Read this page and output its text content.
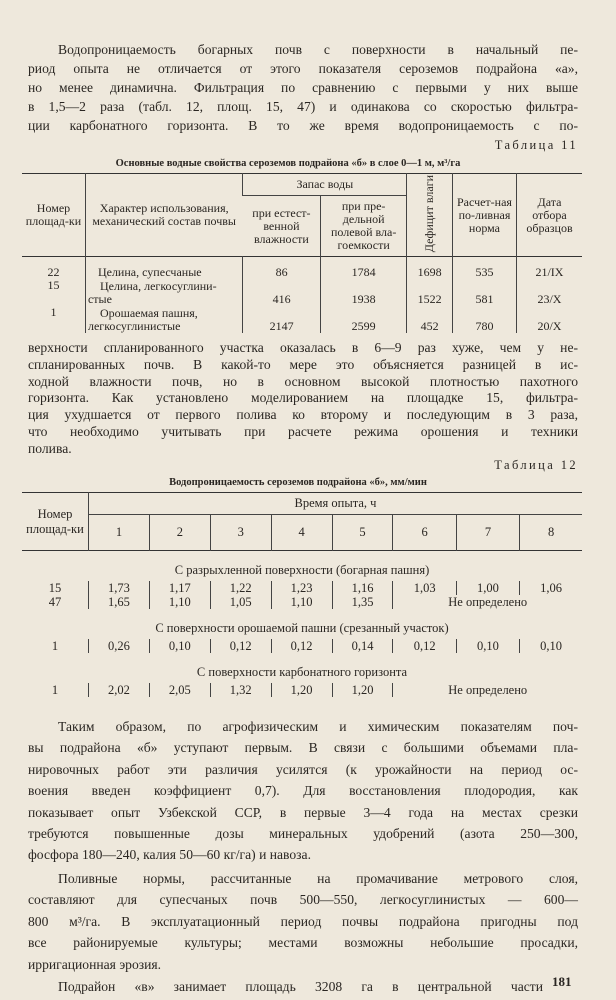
Водопроницаемость богарных почв с поверхности в начальный пе-
риод опыта не отличается от этого показателя сероземов подрайона «а»,
но менее динамична. Фильтрация по сравнению с первыми у них выше
в 1,5—2 раза (табл. 12, площ. 15, 47) и одинакова со скоростью фильтра-
ции карбонатного горизонта. В то же время водопроницаемость с по-
Таблица 11
Основные водные свойства сероземов подрайона «б» в слое 0—1 м, м³/га
Номер площад-ки	Характер использования, механический состав почвы	Запас воды		Дефицит влаги	Расчет-ная по-ливная норма	Дата отбора образцов
		при естест-венной влажности	при пре-дельной полевой вла-гоемкости			
22	Целина, супесчаные	86	1784	1698	535	21/IX
15	Целина, легкосуглини-стые	416	1938	1522	581	23/X
1	Орошаемая пашня, легкосуглинистые	2147	2599	452	780	20/X
верхности спланированного участка оказалась в 6—9 раз хуже, чем у не-
спланированных почв. В какой-то мере это объясняется разницей в ис-
ходной влажности почв, но в основном высокой плотностью пахотного
горизонта. Как установлено моделированием на площадке 15, фильтра-
ция ухудшается от первого полива ко второму и последующим в 3 раза,
что необходимо учитывать при расчете режима орошения и техники
полива.
Таблица 12
Водопроницаемость сероземов подрайона «б», мм/мин
Номер площад-ки	Время опыта, ч							
	1	2	3	4	5	6	7	8
С разрыхленной поверхности (богарная пашня)								
15	1,73	1,17	1,22	1,23	1,16	1,03	1,00	1,06
47	1,65	1,10	1,05	1,10	1,35	Не определено		
С поверхности орошаемой пашни (срезанный участок)								
1	0,26	0,10	0,12	0,12	0,14	0,12	0,10	0,10
С поверхности карбонатного горизонта								
1	2,02	2,05	1,32	1,20	1,20	Не определено		
Таким образом, по агрофизическим и химическим показателям поч-
вы подрайона «б» уступают первым. В связи с большими объемами пла-
нировочных работ эти различия усилятся (к урожайности на период ос-
воения введен коэффициент 0,7). Для восстановления плодородия, как
показывает опыт Узбекской ССР, в первые 3—4 года на местах срезки
требуются повышенные дозы минеральных удобрений (азота 250—300,
фосфора 180—240, калия 50—60 кг/га) и навоза.
Поливные нормы, рассчитанные на промачивание метрового слоя,
составляют для супесчаных почв 500—550, легкосуглинистых — 600—
800 м³/га. В эксплуатационный период почвы подрайона пригодны под
все районируемые культуры; местами возможны небольшие просадки,
ирригационная эрозия.
Подрайон «в» занимает площадь 3208 га в центральной части 181
